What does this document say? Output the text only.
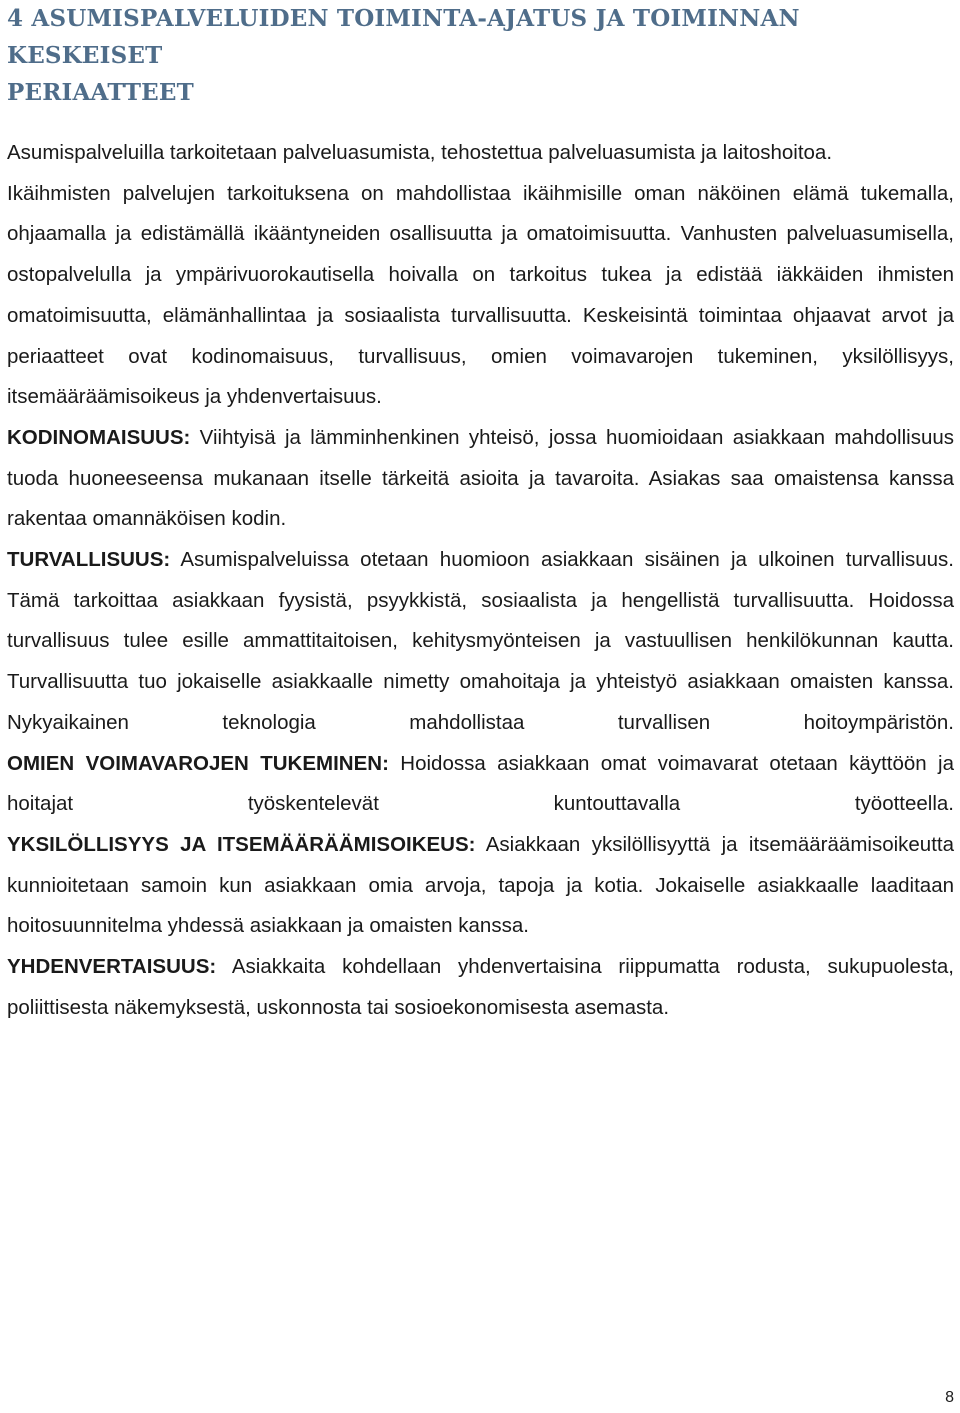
4 ASUMISPALVELUIDEN TOIMINTA-AJATUS JA TOIMINNAN KESKEISET
PERIAATTEET

Asumispalveluilla tarkoitetaan palveluasumista, tehostettua palveluasumista ja laitoshoitoa.

Ikäihmisten palvelujen tarkoituksena on mahdollistaa ikäihmisille oman näköinen elämä tukemalla, ohjaamalla ja edistämällä ikääntyneiden osallisuutta ja omatoimisuutta. Vanhusten palveluasumisella, ostopalvelulla ja ympärivuorokautisella hoivalla on tarkoitus tukea ja edistää iäkkäiden ihmisten omatoimisuutta, elämänhallintaa ja sosiaalista turvallisuutta. Keskeisintä toimintaa ohjaavat arvot ja periaatteet ovat kodinomaisuus, turvallisuus, omien voimavarojen tukeminen, yksilöllisyys, itsemääräämisoikeus ja yhdenvertaisuus.

KODINOMAISUUS: Viihtyisä ja lämminhenkinen yhteisö, jossa huomioidaan asiakkaan mahdollisuus tuoda huoneeseensa mukanaan itselle tärkeitä asioita ja tavaroita. Asiakas saa omaistensa kanssa rakentaa omannäköisen kodin.

TURVALLISUUS: Asumispalveluissa otetaan huomioon asiakkaan sisäinen ja ulkoinen turvallisuus. Tämä tarkoittaa asiakkaan fyysistä, psyykkistä, sosiaalista ja hengellistä turvallisuutta. Hoidossa turvallisuus tulee esille ammattitaitoisen, kehitysmyönteisen ja vastuullisen henkilökunnan kautta. Turvallisuutta tuo jokaiselle asiakkaalle nimetty omahoitaja ja yhteistyö asiakkaan omaisten kanssa. Nykyaikainen teknologia mahdollistaa turvallisen hoitoympäristön.

OMIEN VOIMAVAROJEN TUKEMINEN: Hoidossa asiakkaan omat voimavarat otetaan käyttöön ja hoitajat työskentelevät kuntouttavalla työotteella.

YKSILÖLLISYYS JA ITSEMÄÄRÄÄMISOIKEUS: Asiakkaan yksilöllisyyttä ja itsemääräämisoikeutta kunnioitetaan samoin kun asiakkaan omia arvoja, tapoja ja kotia. Jokaiselle asiakkaalle laaditaan hoitosuunnitelma yhdessä asiakkaan ja omaisten kanssa.

YHDENVERTAISUUS: Asiakkaita kohdellaan yhdenvertaisina riippumatta rodusta, sukupuolesta, poliittisesta näkemyksestä, uskonnosta tai sosioekonomisesta asemasta.

8
